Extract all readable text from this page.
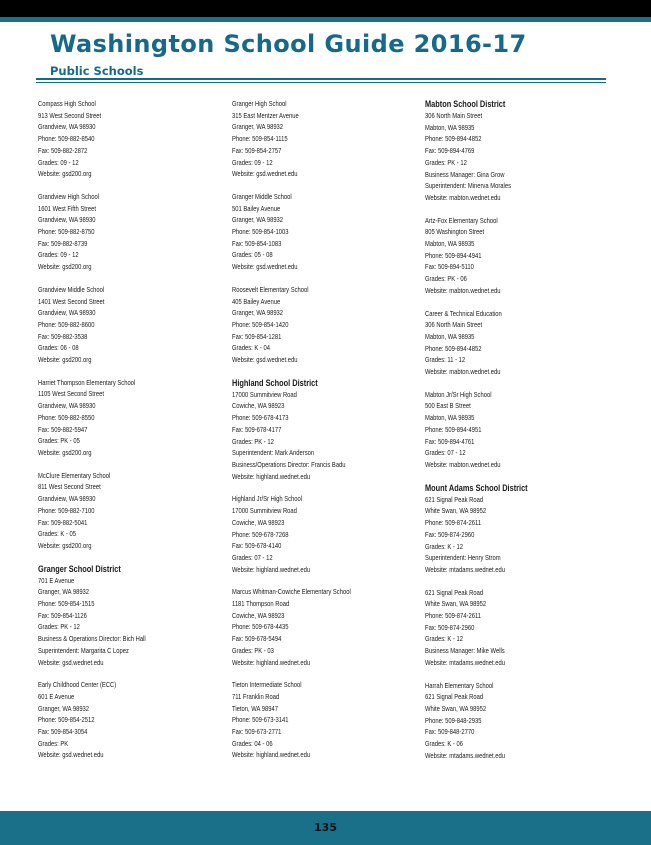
Washington School Guide 2016-17
Public Schools
Compass High School
913 West Second Street
Grandview, WA 98930
Phone: 509-882-8540
Fax: 509-882-2872
Grades: 09 - 12
Website: gsd200.org
Grandview High School
1601 West Fifth Street
Grandview, WA 98930
Phone: 509-882-8750
Fax: 509-882-8739
Grades: 09 - 12
Website: gsd200.org
Grandview Middle School
1401 West Second Street
Grandview, WA 98930
Phone: 509-882-8600
Fax: 509-882-3538
Grades: 06 - 08
Website: gsd200.org
Harriet Thompson Elementary School
1105 West Second Street
Grandview, WA 98930
Phone: 509-882-8550
Fax: 509-882-5947
Grades: PK - 05
Website: gsd200.org
McClure Elementary School
811 West Second Street
Grandview, WA 98930
Phone: 509-882-7100
Fax: 509-882-5041
Grades: K - 05
Website: gsd200.org
Granger School District
701 E Avenue
Granger, WA 98932
Phone: 509-854-1515
Fax: 509-854-1126
Grades: PK - 12
Business & Operations Director: Bich Hall
Superintendent: Margarita C Lopez
Website: gsd.wednet.edu
Early Childhood Center (ECC)
601 E Avenue
Granger, WA 98932
Phone: 509-854-2512
Fax: 509-854-3054
Grades: PK
Website: gsd.wednet.edu
Granger High School
315 East Mentzer Avenue
Granger, WA 98932
Phone: 509-854-1115
Fax: 509-854-2757
Grades: 09 - 12
Website: gsd.wednet.edu
Granger Middle School
501 Bailey Avenue
Granger, WA 98932
Phone: 509-854-1003
Fax: 509-854-1083
Grades: 05 - 08
Website: gsd.wednet.edu
Roosevelt Elementary School
405 Bailey Avenue
Granger, WA 98932
Phone: 509-854-1420
Fax: 509-854-1281
Grades: K - 04
Website: gsd.wednet.edu
Highland School District
17000 Summitview Road
Cowiche, WA 98923
Phone: 509-678-4173
Fax: 509-678-4177
Grades: PK - 12
Superintendent: Mark Anderson
Business/Operations Director: Francis Badu
Website: highland.wednet.edu
Highland Jr/Sr High School
17000 Summitview Road
Cowiche, WA 98923
Phone: 509-678-7268
Fax: 509-678-4140
Grades: 07 - 12
Website: highland.wednet.edu
Marcus Whitman-Cowiche Elementary School
1181 Thompson Road
Cowiche, WA 98923
Phone: 509-678-4435
Fax: 509-678-5494
Grades: PK - 03
Website: highland.wednet.edu
Tieton Intermediate School
711 Franklin Road
Tieton, WA 98947
Phone: 509-673-3141
Fax: 509-673-2771
Grades: 04 - 06
Website: highland.wednet.edu
Mabton School District
306 North Main Street
Mabton, WA 98935
Phone: 509-894-4852
Fax: 509-894-4769
Grades: PK - 12
Business Manager: Gina Grow
Superintendent: Minerva Morales
Website: mabton.wednet.edu
Artz-Fox Elementary School
805 Washington Street
Mabton, WA 98935
Phone: 509-894-4941
Fax: 509-894-5110
Grades: PK - 06
Website: mabton.wednet.edu
Career & Technical Education
306 North Main Street
Mabton, WA 98935
Phone: 509-894-4852
Grades: 11 - 12
Website: mabton.wednet.edu
Mabton Jr/Sr High School
500 East B Street
Mabton, WA 98935
Phone: 509-894-4951
Fax: 509-894-4761
Grades: 07 - 12
Website: mabton.wednet.edu
Mount Adams School District
621 Signal Peak Road
White Swan, WA 98952
Phone: 509-874-2611
Fax: 509-874-2960
Grades: K - 12
Superintendent: Henry Strom
Website: mtadams.wednet.edu
621 Signal Peak Road
White Swan, WA 98952
Phone: 509-874-2611
Fax: 509-874-2960
Grades: K - 12
Business Manager: Mike Wells
Website: mtadams.wednet.edu
Harrah Elementary School
621 Signal Peak Road
White Swan, WA 98952
Phone: 509-848-2935
Fax: 509-848-2770
Grades: K - 06
Website: mtadams.wednet.edu
135
